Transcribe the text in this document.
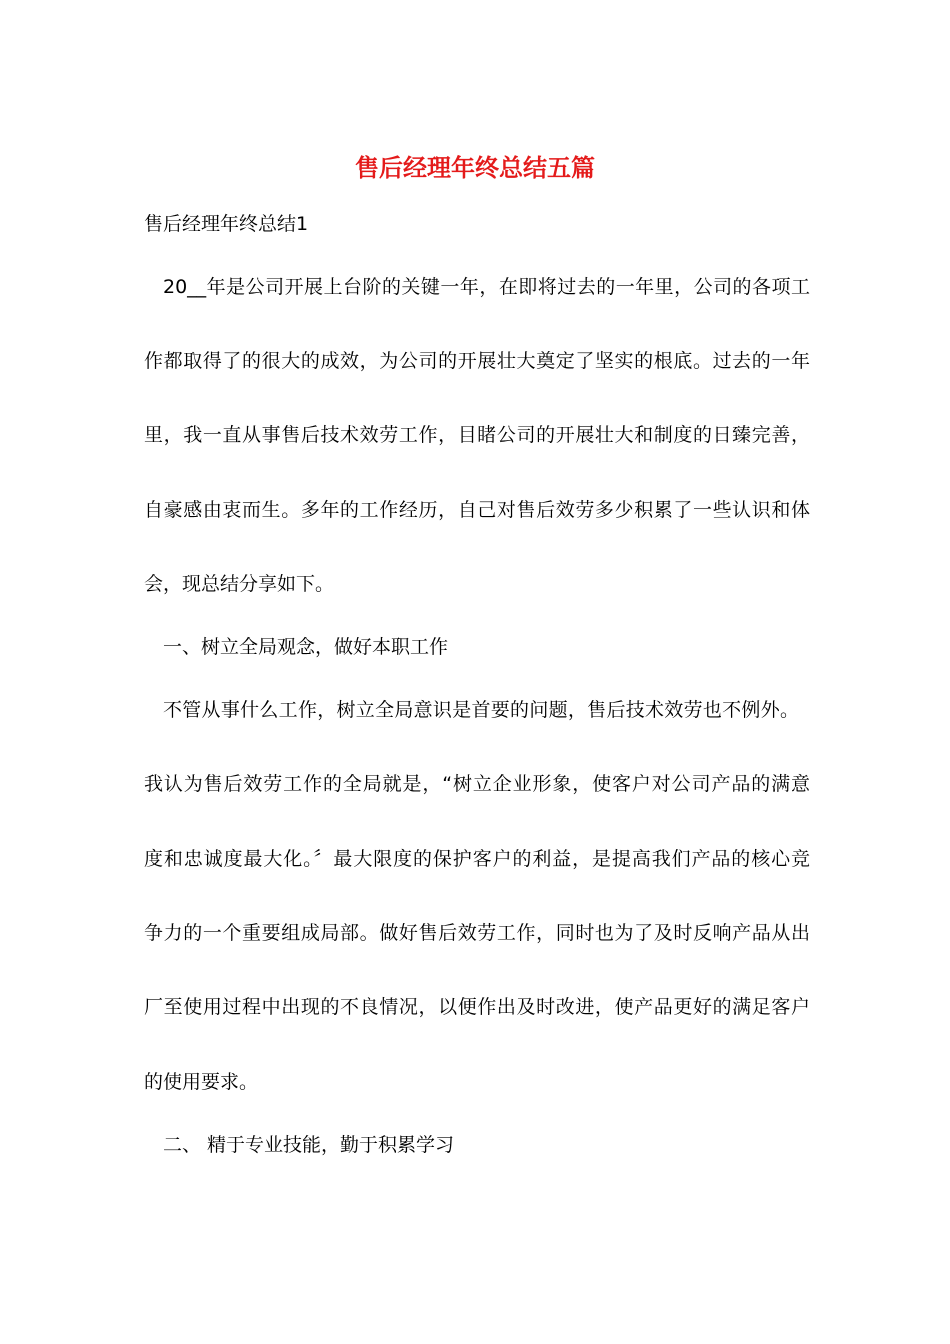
售后经理年终总结五篇
售后经理年终总结1
20__年是公司开展上台阶的关键一年，在即将过去的一年里，公司的各项工
作都取得了的很大的成效，为公司的开展壮大奠定了坚实的根底。过去的一年
里，我一直从事售后技术效劳工作，目睹公司的开展壮大和制度的日臻完善，
自豪感由衷而生。多年的工作经历，自己对售后效劳多少积累了一些认识和体
会，现总结分享如下。
一、树立全局观念，做好本职工作
不管从事什么工作，树立全局意识是首要的问题，售后技术效劳也不例外。
我认为售后效劳工作的全局就是，“树立企业形象，使客户对公司产品的满意
度和忠诚度最大化。〞最大限度的保护客户的利益，是提高我们产品的核心竞
争力的一个重要组成局部。做好售后效劳工作，同时也为了及时反响产品从出
厂至使用过程中出现的不良情况，以便作出及时改进，使产品更好的满足客户
的使用要求。
二、 精于专业技能，勤于积累学习
